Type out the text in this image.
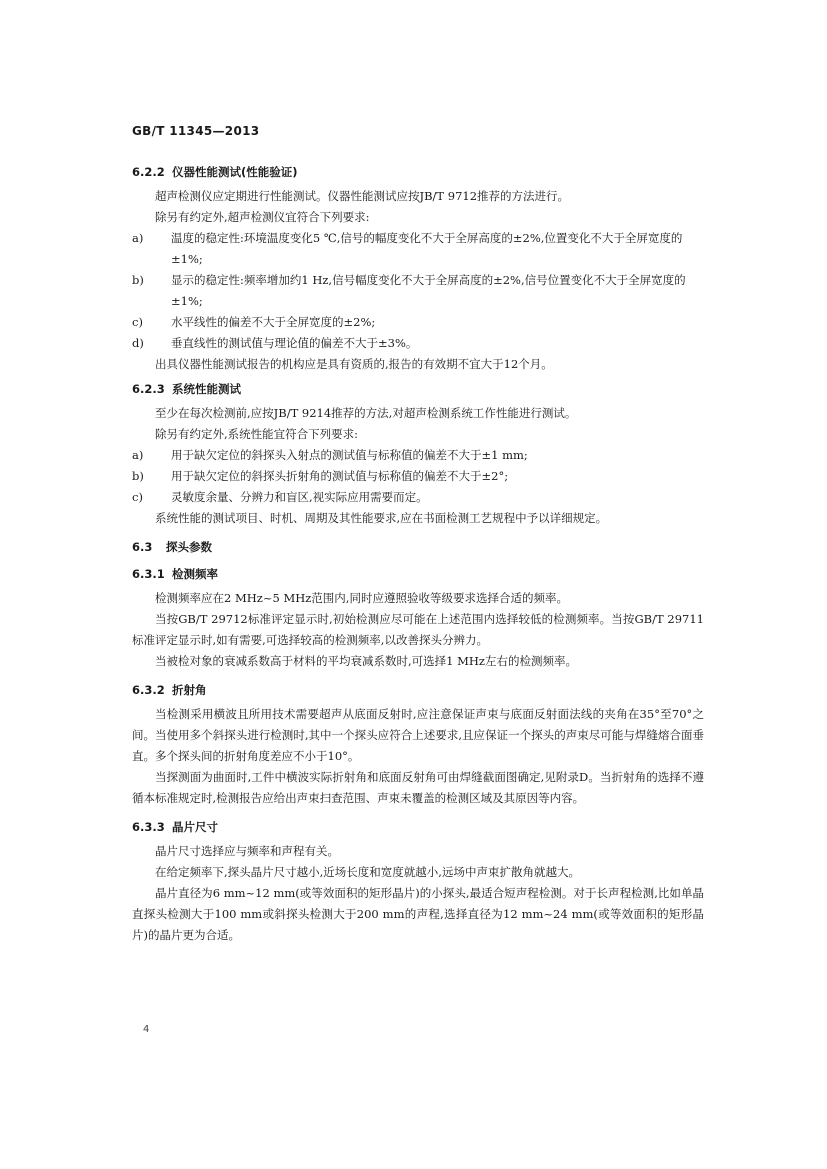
GB/T 11345—2013

6.2.2 仪器性能测试(性能验证)

超声检测仪应定期进行性能测试。仪器性能测试应按JB/T 9712推荐的方法进行。

除另有约定外,超声检测仪宜符合下列要求:

a) 温度的稳定性:环境温度变化5 ℃,信号的幅度变化不大于全屏高度的±2%,位置变化不大于全屏宽度的±1%;

b) 显示的稳定性:频率增加约1 Hz,信号幅度变化不大于全屏高度的±2%,信号位置变化不大于全屏宽度的±1%;

c) 水平线性的偏差不大于全屏宽度的±2%;

d) 垂直线性的测试值与理论值的偏差不大于±3%。

出具仪器性能测试报告的机构应是具有资质的,报告的有效期不宜大于12个月。

6.2.3 系统性能测试

至少在每次检测前,应按JB/T 9214推荐的方法,对超声检测系统工作性能进行测试。

除另有约定外,系统性能宜符合下列要求:

a) 用于缺欠定位的斜探头入射点的测试值与标称值的偏差不大于±1 mm;

b) 用于缺欠定位的斜探头折射角的测试值与标称值的偏差不大于±2°;

c) 灵敏度余量、分辨力和盲区,视实际应用需要而定。

系统性能的测试项目、时机、周期及其性能要求,应在书面检测工艺规程中予以详细规定。

6.3 探头参数

6.3.1 检测频率

检测频率应在2 MHz~5 MHz范围内,同时应遵照验收等级要求选择合适的频率。

当按GB/T 29712标准评定显示时,初始检测应尽可能在上述范围内选择较低的检测频率。当按GB/T 29711标准评定显示时,如有需要,可选择较高的检测频率,以改善探头分辨力。

当被检对象的衰减系数高于材料的平均衰减系数时,可选择1 MHz左右的检测频率。

6.3.2 折射角

当检测采用横波且所用技术需要超声从底面反射时,应注意保证声束与底面反射面法线的夹角在35°至70°之间。当使用多个斜探头进行检测时,其中一个探头应符合上述要求,且应保证一个探头的声束尽可能与焊缝熔合面垂直。多个探头间的折射角度差应不小于10°。

当探测面为曲面时,工件中横波实际折射角和底面反射角可由焊缝截面图确定,见附录D。当折射角的选择不遵循本标准规定时,检测报告应给出声束扫查范围、声束未覆盖的检测区域及其原因等内容。

6.3.3 晶片尺寸

晶片尺寸选择应与频率和声程有关。

在给定频率下,探头晶片尺寸越小,近场长度和宽度就越小,远场中声束扩散角就越大。

晶片直径为6 mm~12 mm(或等效面积的矩形晶片)的小探头,最适合短声程检测。对于长声程检测,比如单晶直探头检测大于100 mm或斜探头检测大于200 mm的声程,选择直径为12 mm~24 mm(或等效面积的矩形晶片)的晶片更为合适。

4
